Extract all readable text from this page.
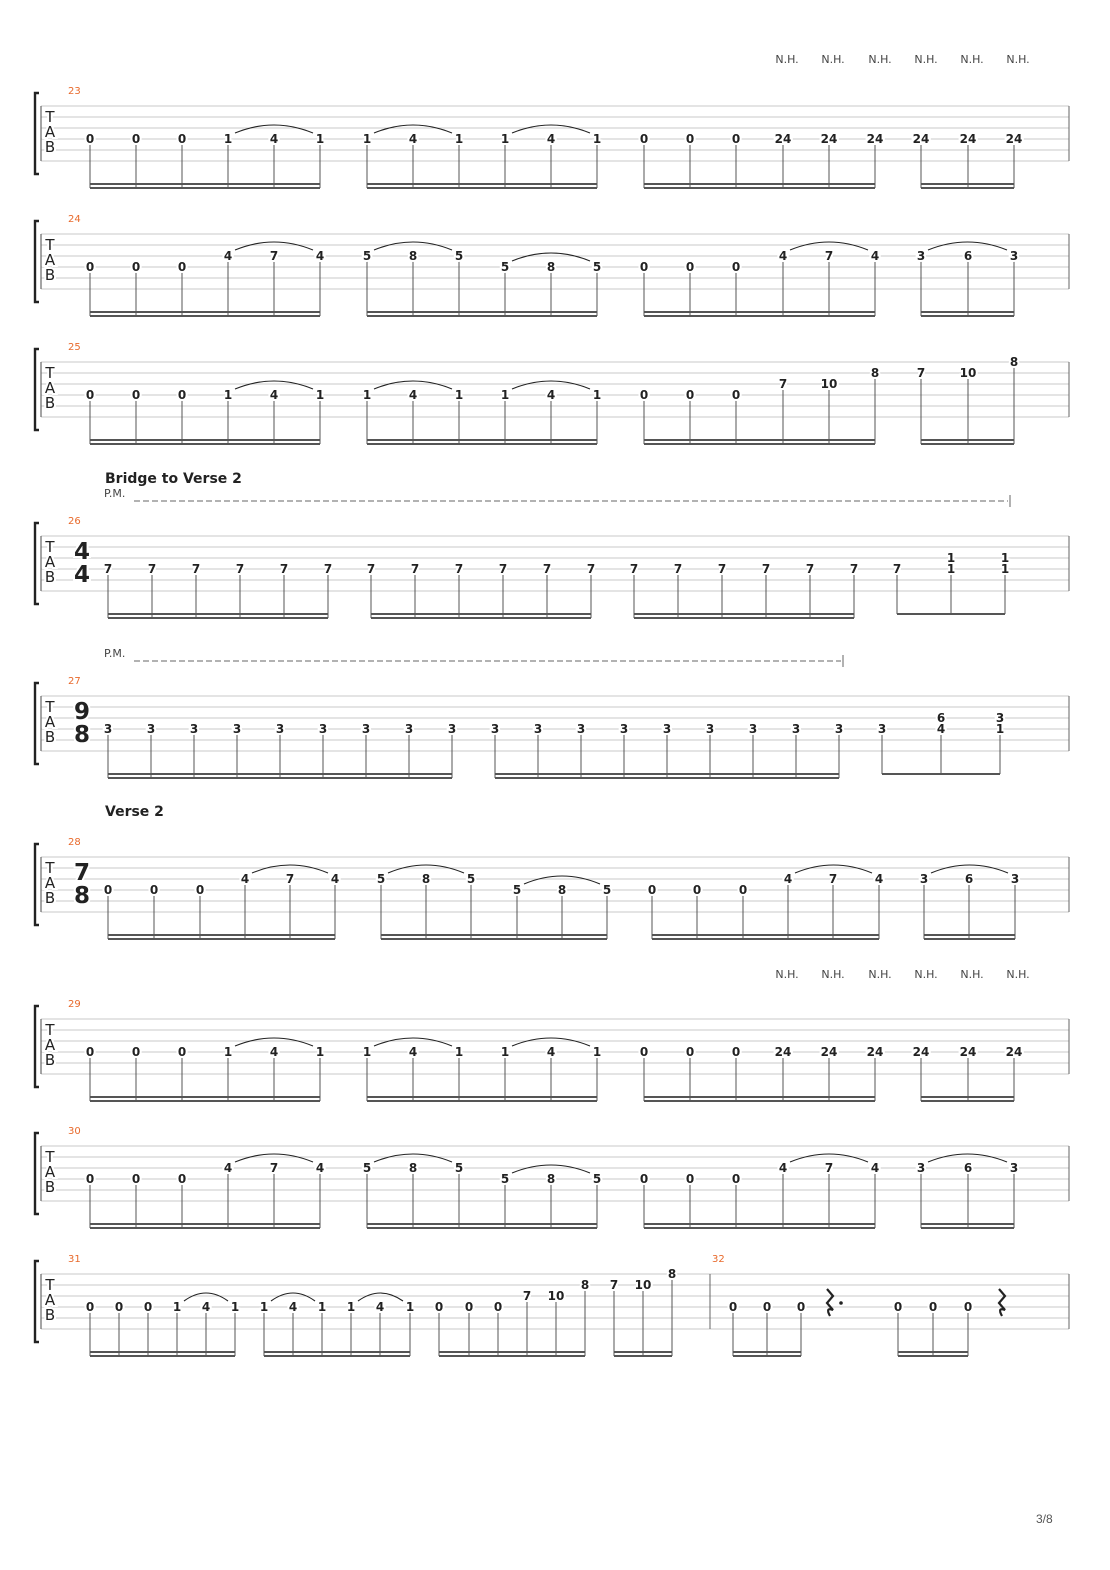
T
A
B
23
N.H. N.H. N.H. N.H. N.H. N.H.
0	0	0	1	4	1	1	4	1	1	4	1	0	0	0	24 24 24 24	24 24
T
A
B
24
0	0	0
4	7	4	5	8	5
5	8	5	0	0	0
4	7	4	3	6	3
T
A
B
25
0	0	0	1	4	1	1	4	1	1	4	1	0	0	0
7	10
8	7	10
8
T
A
B
26
4
4
Bridge to Verse 2
P.M.
7	7	7	7	7	7	7	7	7	7	7	7	7	7	7	7	7	7	7	1
1
1
1
T
A
B
27
9
8
P.M.
3	3	3	3	3	3	3	3	3	3	3	3	3	3	3	3	3	3	3	4
6
1
3
T
A
B
28
7
8
Verse 2
0	0	0
4	7	4	5	8	5
5	8	5	0	0	0
4	7	4	3	6	3
T
A
B
29
N.H. N.H. N.H. N.H. N.H. N.H.
0	0	0	1	4	1	1	4	1	1	4	1	0	0	0	24 24 24 24	24 24
T
A
B
30
0	0	0
4	7	4	5	8	5
5	8	5	0	0	0
4	7	4	3	6	3
T
A
B
31	32
0 0 0 1 4 1 1 4 1 1 4 1 0 0 0
7 10
8 7 10
8
0 0 0	0 0 0
3/8
